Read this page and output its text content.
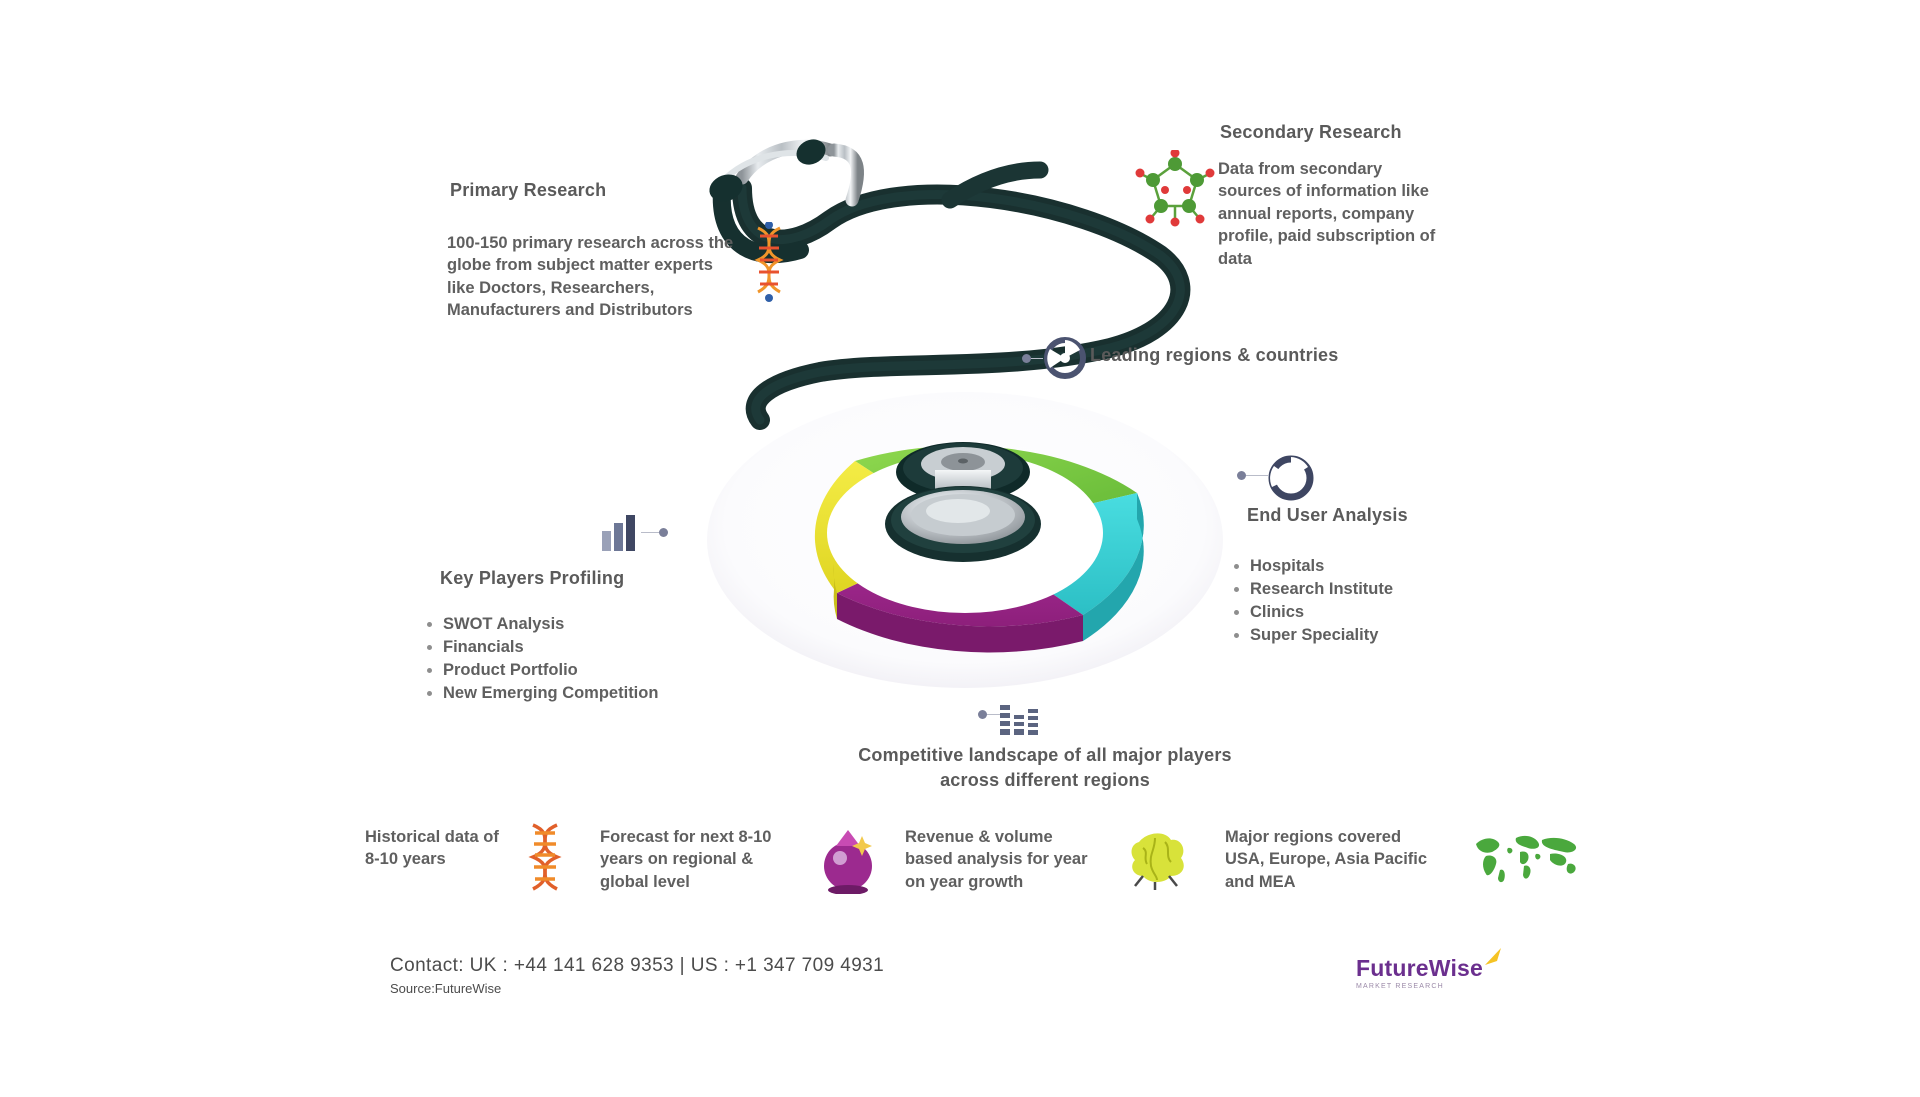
Primary Research
100-150 primary research across the globe from subject matter experts like Doctors, Researchers, Manufacturers and Distributors
Secondary Research
Data from secondary sources of information like annual reports, company profile, paid subscription of data
Leading regions & countries
End User Analysis
Hospitals
Research Institute
Clinics
Super Speciality
Key Players Profiling
SWOT Analysis
Financials
Product Portfolio
New Emerging Competition
Competitive landscape of all major players
across different regions
Historical data of 8-10 years
Forecast for next 8-10 years on regional & global level
Revenue & volume based analysis for year on year growth
Major regions covered USA, Europe, Asia Pacific and MEA
Contact: UK : +44 141 628 9353 | US : +1 347 709 4931
Source:FutureWise
FutureWise
MARKET RESEARCH
